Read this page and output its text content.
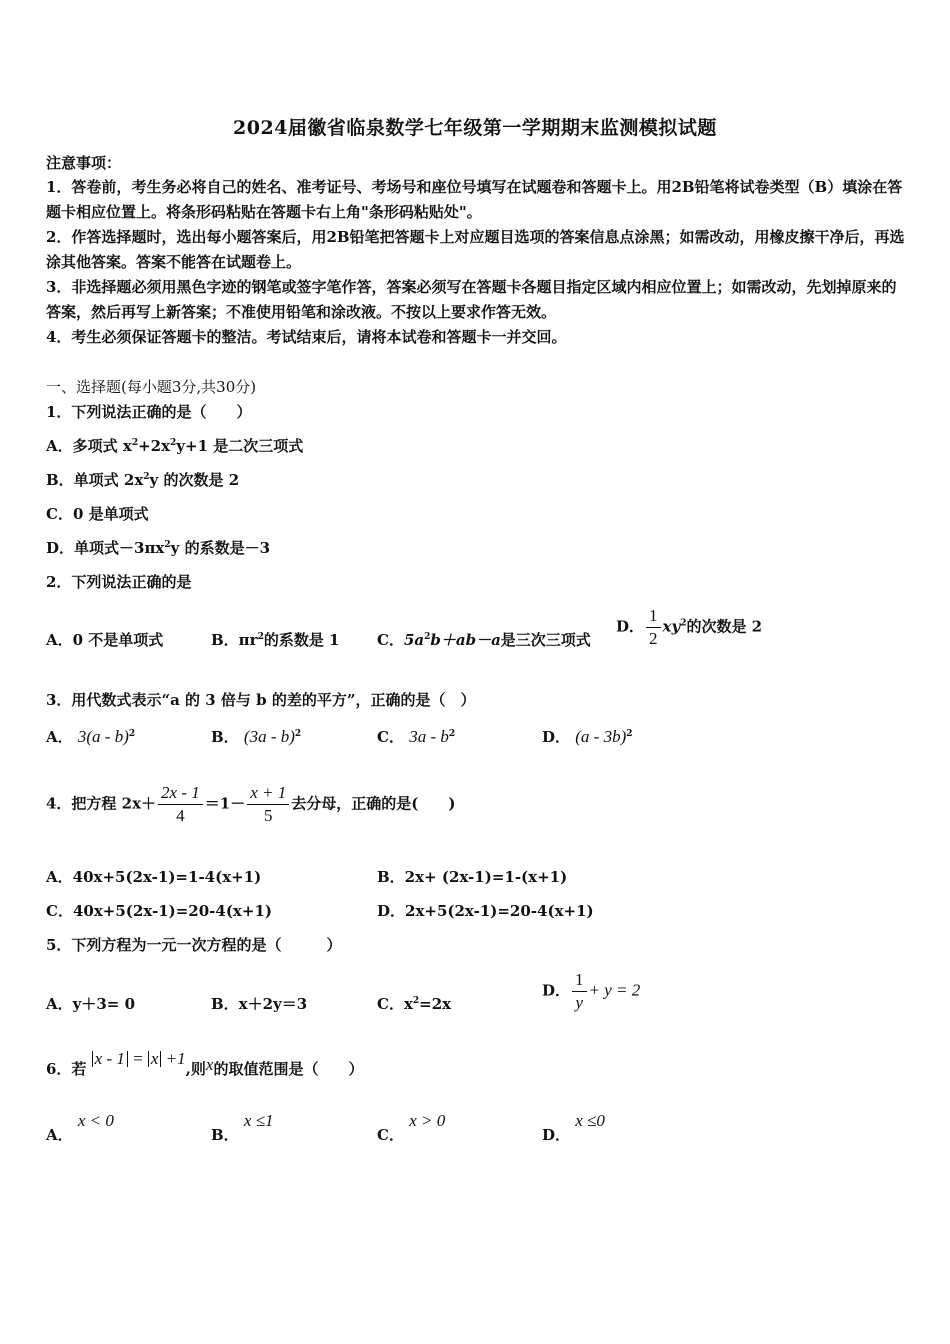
2024届徽省临泉数学七年级第一学期期末监测模拟试题
注意事项：
1．答卷前，考生务必将自己的姓名、准考证号、考场号和座位号填写在试题卷和答题卡上。用2B铅笔将试卷类型（B）填涂在答题卡相应位置上。将条形码粘贴在答题卡右上角"条形码粘贴处"。
2．作答选择题时，选出每小题答案后，用2B铅笔把答题卡上对应题目选项的答案信息点涂黑；如需改动，用橡皮擦干净后，再选涂其他答案。答案不能答在试题卷上。
3．非选择题必须用黑色字迹的钢笔或签字笔作答，答案必须写在答题卡各题目指定区域内相应位置上；如需改动，先划掉原来的答案，然后再写上新答案；不准使用铅笔和涂改液。不按以上要求作答无效。
4．考生必须保证答题卡的整洁。考试结束后，请将本试卷和答题卡一并交回。
一、选择题(每小题3分,共30分)
1．下列说法正确的是（　　）
A．多项式 $x^2+2x^2y+1$ 是二次三项式
B．单项式 $2x^2y$ 的次数是 2
C．0 是单项式
D．单项式$-3\pi x^2y$ 的系数是－3
2．下列说法正确的是
A．0 不是单项式	B．$\pi r^2$的系数是 1	C．$5a^2b+ab-a$是三次三项式
D． $\frac{1}{2} xy^2$的次数是 2
3．用代数式表示“a 的 3 倍与 b 的差的平方”，正确的是（　）
A． 3(a - b)$^2$	B． (3a - b)$^2$	C． $3a - b^2$	D． (a - 3b)$^2$
4．把方程 $2x+ \frac{2x - 1}{4} =1- \frac{x + 1}{5}$ 去分母，正确的是(　　)
A．40x+5(2x-1)=1-4(x+1)	B．2x+ (2x-1)=1-(x+1)
C．40x+5(2x-1)=20-4(x+1)	D．2x+5(2x-1)=20-4(x+1)
5．下列方程为一元一次方程的是（　　　）
A．y＋3= 0	B．x＋2y＝3	C．$x^2=2x$
D． $\frac{1}{y} + y = 2$
6．若 x - 1 = x +1,则x的取值范围是（　　）
A． x < 0
B． x ≤1
C． x > 0
D． x ≤0
